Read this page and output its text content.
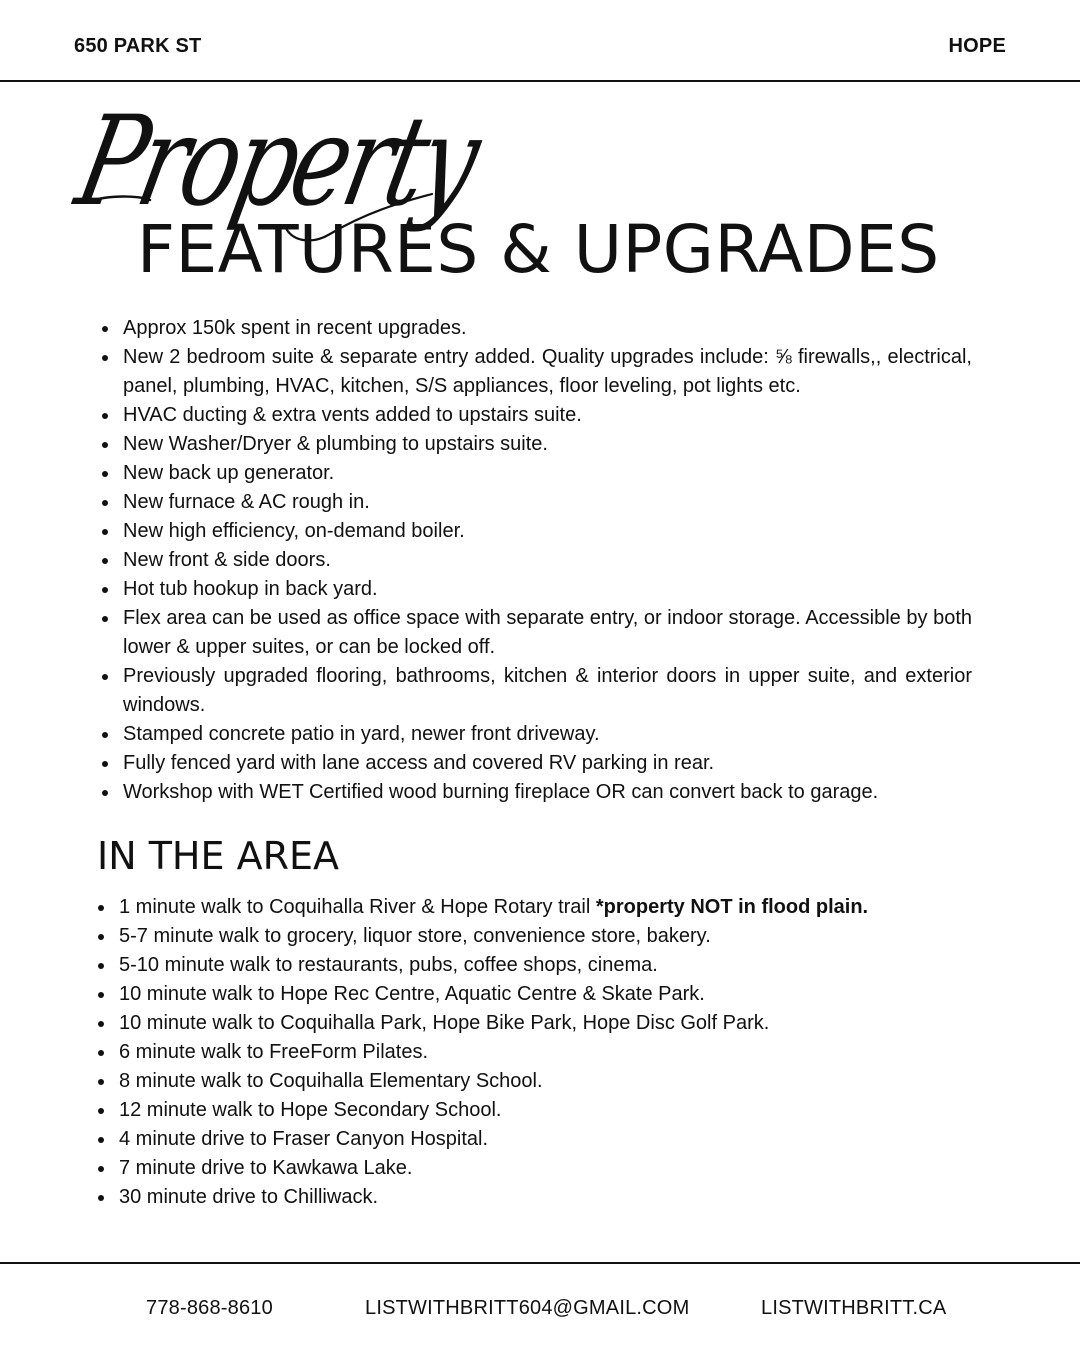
650 PARK ST	HOPE
Property
FEATURES & UPGRADES
Approx 150k spent in recent upgrades.
New 2 bedroom suite & separate entry added. Quality upgrades include: ⅝ firewalls,, electrical, panel, plumbing, HVAC, kitchen, S/S appliances, floor leveling, pot lights etc.
HVAC ducting & extra vents added to upstairs suite.
New Washer/Dryer & plumbing to upstairs suite.
New back up generator.
New furnace & AC rough in.
New high efficiency, on-demand boiler.
New front & side doors.
Hot tub hookup in back yard.
Flex area can be used as office space with separate entry, or indoor storage. Accessible by both lower & upper suites, or can be locked off.
Previously upgraded flooring, bathrooms, kitchen & interior doors in upper suite, and exterior windows.
Stamped concrete patio in yard, newer front driveway.
Fully fenced yard with lane access and covered RV parking in rear.
Workshop with WET Certified wood burning fireplace OR can convert back to garage.
IN THE AREA
1 minute walk to Coquihalla River & Hope Rotary trail *property NOT in flood plain.
5-7 minute walk to grocery, liquor store, convenience store, bakery.
5-10 minute walk to restaurants, pubs, coffee shops, cinema.
10 minute walk to Hope Rec Centre, Aquatic Centre & Skate Park.
10 minute walk to Coquihalla Park, Hope Bike Park, Hope Disc Golf Park.
6 minute walk to FreeForm Pilates.
8 minute walk to Coquihalla Elementary School.
12 minute walk to Hope Secondary School.
4 minute drive to Fraser Canyon Hospital.
7 minute drive to Kawkawa Lake.
30 minute drive to Chilliwack.
778-868-8610	LISTWITHBRITT604@GMAIL.COM	LISTWITHBRITT.CA
